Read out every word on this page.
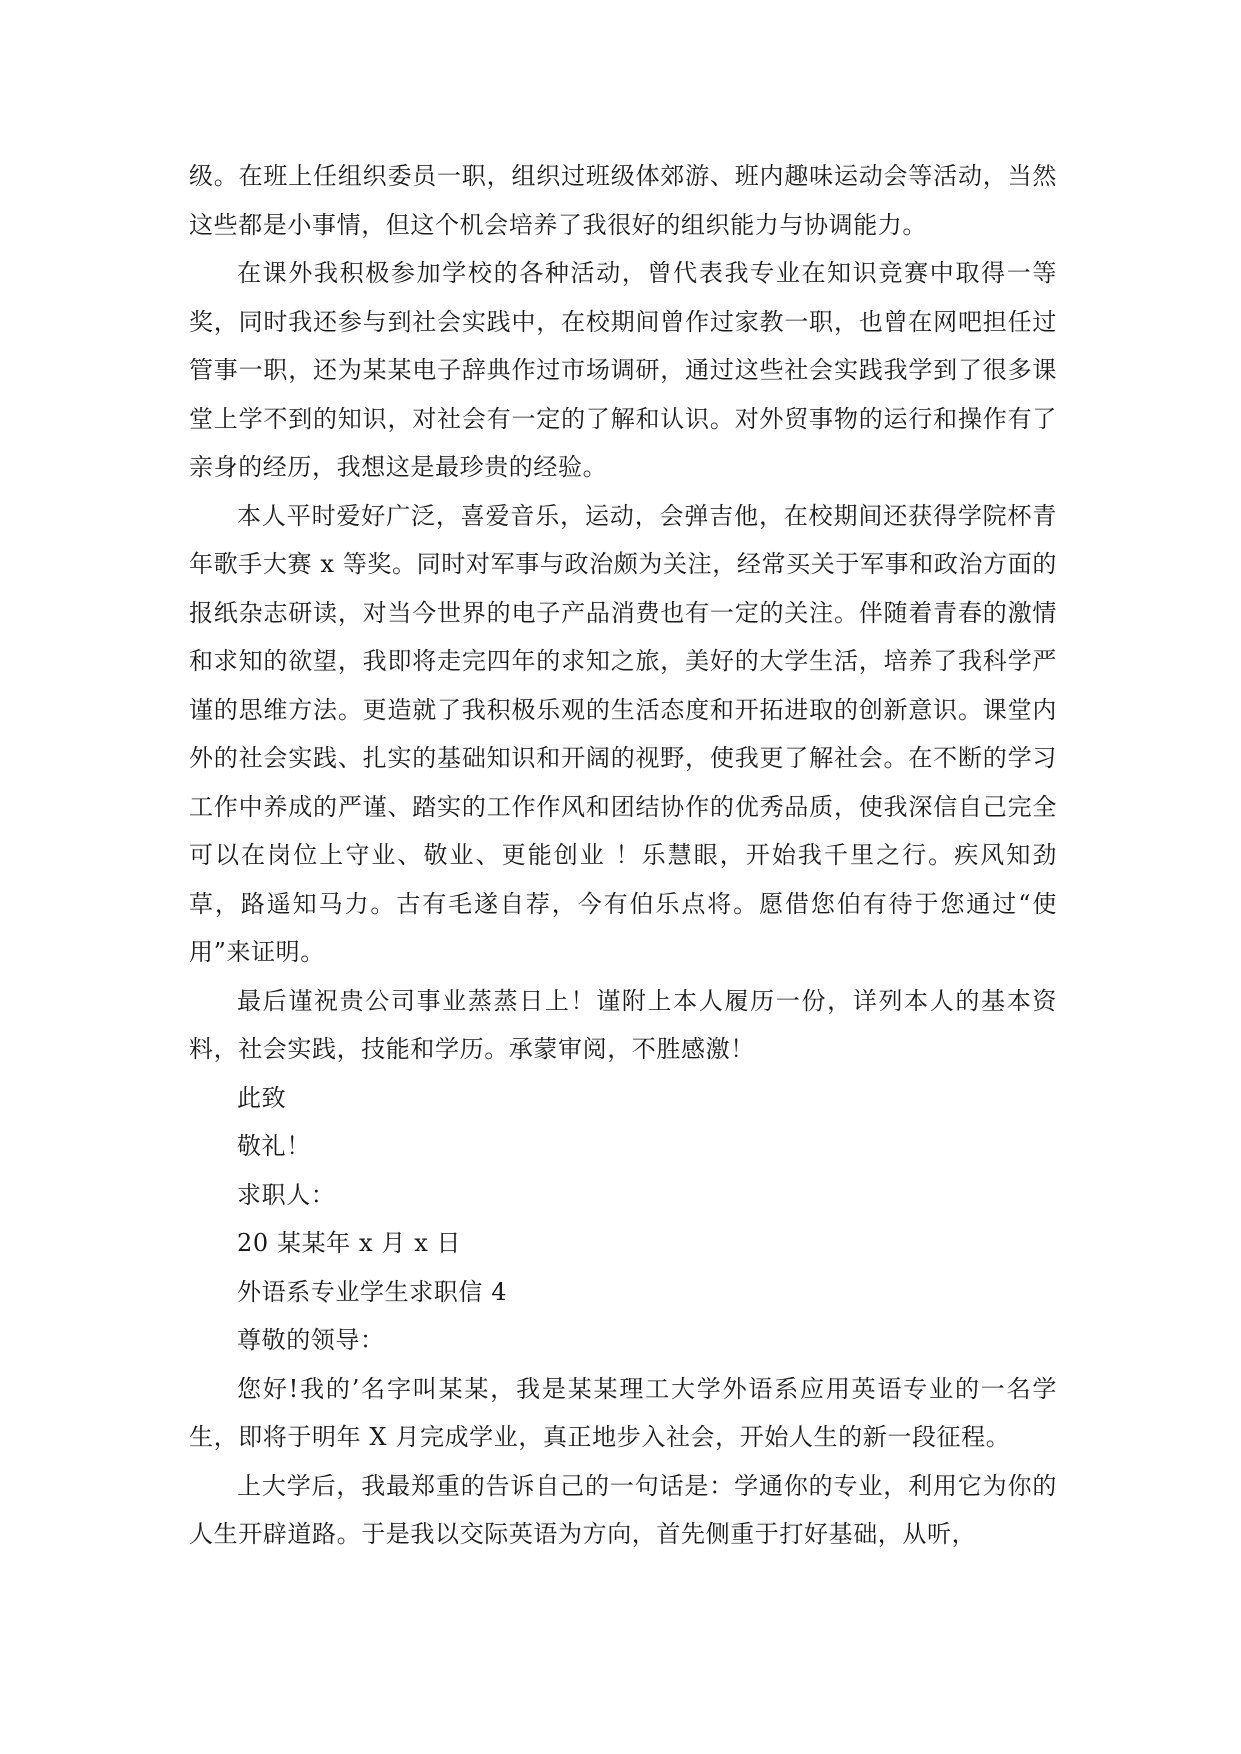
级。在班上任组织委员一职，组织过班级体郊游、班内趣味运动会等活动，当然这些都是小事情，但这个机会培养了我很好的组织能力与协调能力。

在课外我积极参加学校的各种活动，曾代表我专业在知识竞赛中取得一等奖，同时我还参与到社会实践中，在校期间曾作过家教一职，也曾在网吧担任过管事一职，还为某某电子辞典作过市场调研，通过这些社会实践我学到了很多课堂上学不到的知识，对社会有一定的了解和认识。对外贸事物的运行和操作有了亲身的经历，我想这是最珍贵的经验。

本人平时爱好广泛，喜爱音乐，运动，会弹吉他，在校期间还获得学院杯青年歌手大赛 x 等奖。同时对军事与政治颇为关注，经常买关于军事和政治方面的报纸杂志研读，对当今世界的电子产品消费也有一定的关注。伴随着青春的激情和求知的欲望，我即将走完四年的求知之旅，美好的大学生活，培养了我科学严谨的思维方法。更造就了我积极乐观的生活态度和开拓进取的创新意识。课堂内外的社会实践、扎实的基础知识和开阔的视野，使我更了解社会。在不断的学习工作中养成的严谨、踏实的工作作风和团结协作的优秀品质，使我深信自己完全可以在岗位上守业、敬业、更能创业 ！乐慧眼，开始我千里之行。疾风知劲草，路遥知马力。古有毛遂自荐，今有伯乐点将。愿借您伯有待于您通过“使用”来证明。

最后谨祝贵公司事业蒸蒸日上！谨附上本人履历一份，详列本人的基本资料，社会实践，技能和学历。承蒙审阅，不胜感激！

此致

敬礼！

求职人：

20 某某年 x 月 x 日

外语系专业学生求职信 4

尊敬的领导：

您好!我的’名字叫某某，我是某某理工大学外语系应用英语专业的一名学生，即将于明年 X 月完成学业，真正地步入社会，开始人生的新一段征程。

上大学后，我最郑重的告诉自己的一句话是：学通你的专业，利用它为你的人生开辟道路。于是我以交际英语为方向，首先侧重于打好基础，从听，
